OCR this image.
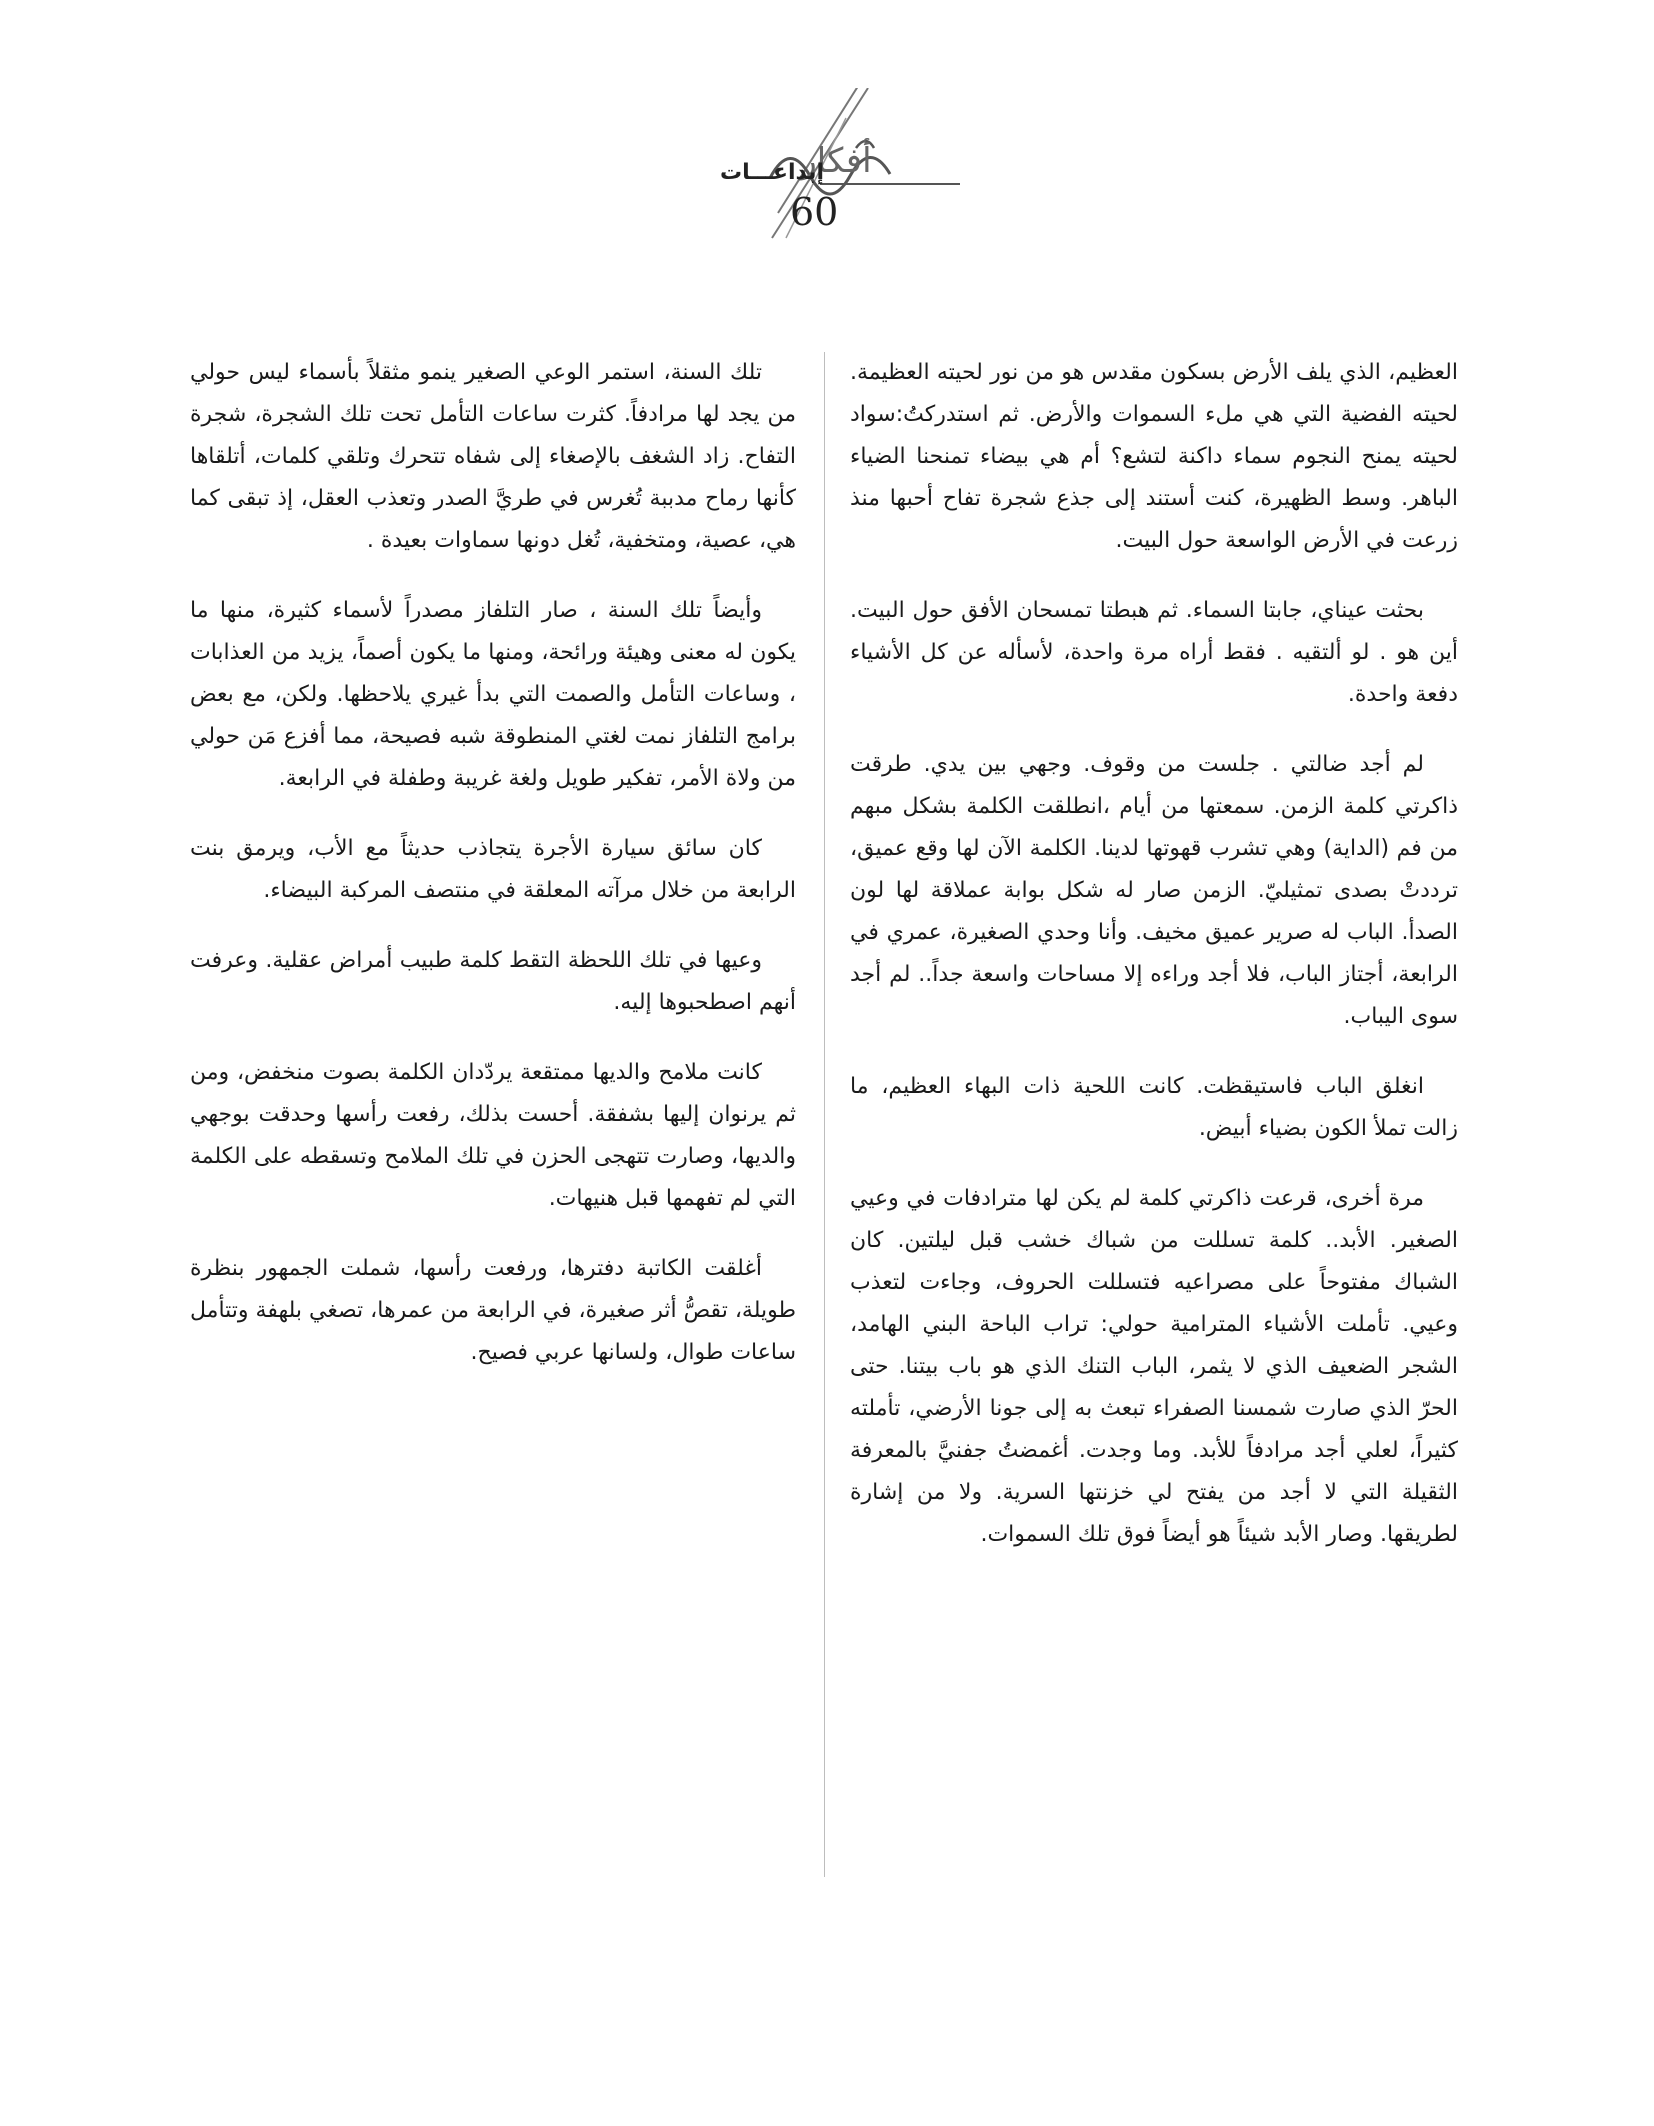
أفكار
إبداعـــات
60

العظيم، الذي يلف الأرض بسكون مقدس هو من نور لحيته العظيمة. لحيته الفضية التي هي ملء السموات والأرض. ثم استدركتُ:سواد لحيته يمنح النجوم سماء داكنة لتشع؟ أم هي بيضاء تمنحنا الضياء الباهر. وسط الظهيرة، كنت أستند إلى جذع شجرة تفاح أحبها منذ زرعت في الأرض الواسعة حول البيت.

بحثت عيناي، جابتا السماء. ثم هبطتا تمسحان الأفق حول البيت. أين هو . لو ألتقيه . فقط أراه مرة واحدة، لأسأله عن كل الأشياء دفعة واحدة.

لم أجد ضالتي . جلست من وقوف. وجهي بين يدي. طرقت ذاكرتي كلمة الزمن. سمعتها من أيام ،انطلقت الكلمة بشكل مبهم من فم (الداية) وهي تشرب قهوتها لدينا. الكلمة الآن لها وقع عميق، ترددتْ بصدى تمثيليّ. الزمن صار له شكل بوابة عملاقة لها لون الصدأ. الباب له صرير عميق مخيف. وأنا وحدي الصغيرة، عمري في الرابعة، أجتاز الباب، فلا أجد وراءه إلا مساحات واسعة جداً.. لم أجد سوى اليباب.

انغلق الباب فاستيقظت. كانت اللحية ذات البهاء العظيم، ما زالت تملأ الكون بضياء أبيض.

مرة أخرى، قرعت ذاكرتي كلمة لم يكن لها مترادفات في وعيي الصغير. الأبد.. كلمة تسللت من شباك خشب قبل ليلتين. كان الشباك مفتوحاً على مصراعيه فتسللت الحروف، وجاءت لتعذب وعيي. تأملت الأشياء المترامية حولي: تراب الباحة البني الهامد، الشجر الضعيف الذي لا يثمر، الباب التنك الذي هو باب بيتنا. حتى الحرّ الذي صارت شمسنا الصفراء تبعث به إلى جونا الأرضي، تأملته كثيراً، لعلي أجد مرادفاً للأبد. وما وجدت. أغمضتُ جفنيَّ بالمعرفة الثقيلة التي لا أجد من يفتح لي خزنتها السرية. ولا من إشارة لطريقها. وصار الأبد شيئاً هو أيضاً فوق تلك السموات.

تلك السنة، استمر الوعي الصغير ينمو مثقلاً بأسماء ليس حولي من يجد لها مرادفاً. كثرت ساعات التأمل تحت تلك الشجرة، شجرة التفاح. زاد الشغف بالإصغاء إلى شفاه تتحرك وتلقي كلمات، أتلقاها كأنها رماح مدببة تُغرس في طريَّ الصدر وتعذب العقل، إذ تبقى كما هي، عصية، ومتخفية، تُغل دونها سماوات بعيدة .

وأيضاً تلك السنة ، صار التلفاز مصدراً لأسماء كثيرة، منها ما يكون له معنى وهيئة ورائحة، ومنها ما يكون أصماً، يزيد من العذابات ، وساعات التأمل والصمت التي بدأ غيري يلاحظها. ولكن، مع بعض برامج التلفاز نمت لغتي المنطوقة شبه فصيحة، مما أفزع مَن حولي من ولاة الأمر، تفكير طويل ولغة غريبة وطفلة في الرابعة.

كان سائق سيارة الأجرة يتجاذب حديثاً مع الأب، ويرمق بنت الرابعة من خلال مرآته المعلقة في منتصف المركبة البيضاء.

وعيها في تلك اللحظة التقط كلمة طبيب أمراض عقلية. وعرفت أنهم اصطحبوها إليه.

كانت ملامح والديها ممتقعة يردّدان الكلمة بصوت منخفض، ومن ثم يرنوان إليها بشفقة. أحست بذلك، رفعت رأسها وحدقت بوجهي والديها، وصارت تتهجى الحزن في تلك الملامح وتسقطه على الكلمة التي لم تفهمها قبل هنيهات.

أغلقت الكاتبة دفترها، ورفعت رأسها، شملت الجمهور بنظرة طويلة، تقصُّ أثر صغيرة، في الرابعة من عمرها، تصغي بلهفة وتتأمل ساعات طوال، ولسانها عربي فصيح.
